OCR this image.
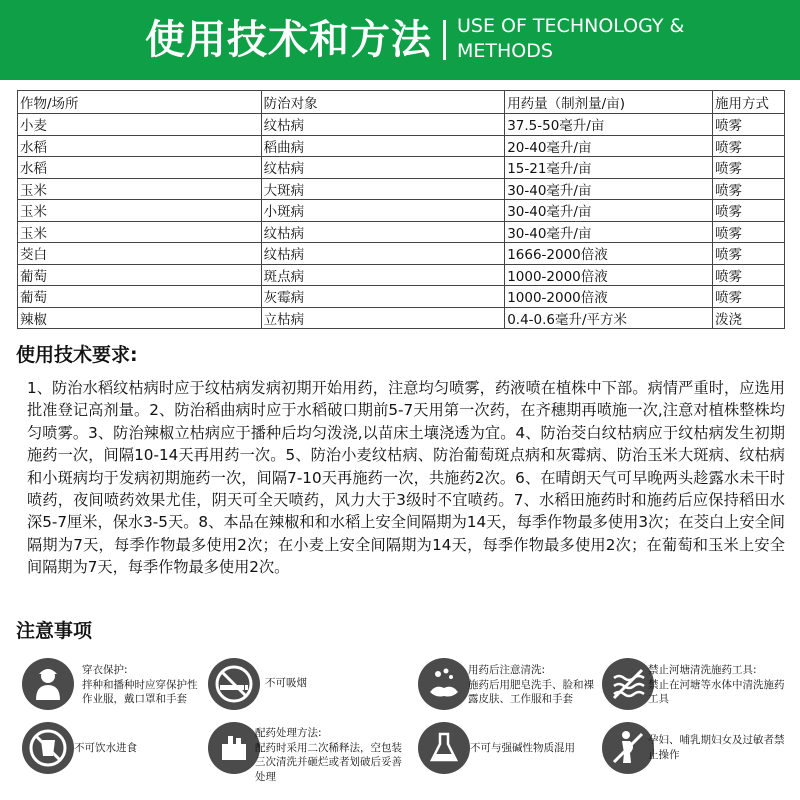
使用技术和方法 USE OF TECHNOLOGY & METHODS
作物/场所	防治对象	用药量（制剂量/亩)	施用方式
小麦	纹枯病	37.5-50毫升/亩	喷雾
水稻	稻曲病	20-40毫升/亩	喷雾
水稻	纹枯病	15-21毫升/亩	喷雾
玉米	大斑病	30-40毫升/亩	喷雾
玉米	小斑病	30-40毫升/亩	喷雾
玉米	纹枯病	30-40毫升/亩	喷雾
茭白	纹枯病	1666-2000倍液	喷雾
葡萄	斑点病	1000-2000倍液	喷雾
葡萄	灰霉病	1000-2000倍液	喷雾
辣椒	立枯病	0.4-0.6毫升/平方米	泼浇
使用技术要求:
1、防治水稻纹枯病时应于纹枯病发病初期开始用药，注意均匀喷雾，药液喷在植株中下部。病情严重时，应选用批准登记高剂量。2、防治稻曲病时应于水稻破口期前5-7天用第一次药，在齐穗期再喷施一次,注意对植株整株均匀喷雾。3、防治辣椒立枯病应于播种后均匀泼浇,以苗床土壤浇透为宜。4、防治茭白纹枯病应于纹枯病发生初期施药一次，间隔10-14天再用药一次。5、防治小麦纹枯病、防治葡萄斑点病和灰霉病、防治玉米大斑病、纹枯病和小斑病均于发病初期施药一次，间隔7-10天再施药一次，共施药2次。6、在晴朗天气可早晚两头趁露水未干时喷药，夜间喷药效果尤佳，阴天可全天喷药，风力大于3级时不宜喷药。7、水稻田施药时和施药后应保持稻田水深5-7厘米，保水3-5天。8、本品在辣椒和和水稻上安全间隔期为14天，每季作物最多使用3次；在茭白上安全间隔期为7天，每季作物最多使用2次；在小麦上安全间隔期为14天，每季作物最多使用2次；在葡萄和玉米上安全间隔期为7天，每季作物最多使用2次。
注意事项
穿衣保护:
拌种和播种时应穿保护性作业服，戴口罩和手套
不可吸烟
用药后注意清洗:
施药后用肥皂洗手、脸和裸露皮肤、工作服和手套
禁止河塘清洗施药工具:
禁止在河塘等水体中清洗施药工具
不可饮水进食
配药处理方法:
配药时采用二次稀释法，空包装三次清洗并砸烂或者划破后妥善处理
不可与强碱性物质混用
孕妇、哺乳期妇女及过敏者禁止操作
